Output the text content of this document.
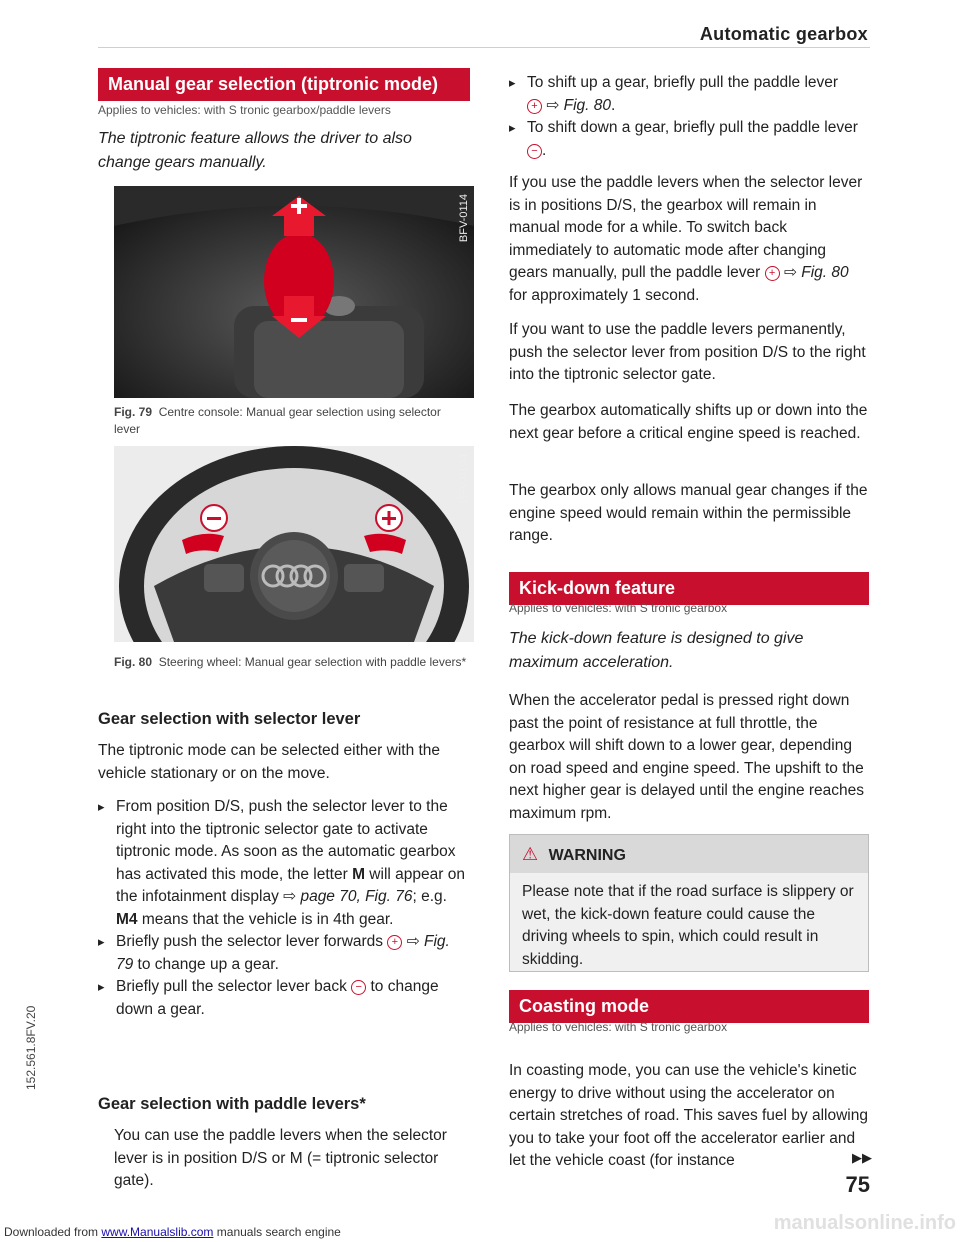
Automatic gearbox
Manual gear selection (tiptronic mode)
Applies to vehicles: with S tronic gearbox/paddle levers
The tiptronic feature allows the driver to also change gears manually.
BFV-0114
Fig. 79 Centre console: Manual gear selection using selector lever
BFV-0104
Fig. 80 Steering wheel: Manual gear selection with paddle levers*
Gear selection with selector lever
The tiptronic mode can be selected either with the vehicle stationary or on the move.
▸ From position D/S, push the selector lever to the right into the tiptronic selector gate to activate tiptronic mode. As soon as the automatic gearbox has activated this mode, the letter M will appear on the infotainment display ⇨ page 70, Fig. 76; e.g. M4 means that the vehicle is in 4th gear.
▸ Briefly push the selector lever forwards + ⇨ Fig. 79 to change up a gear.
▸ Briefly pull the selector lever back − to change down a gear.
Gear selection with paddle levers*
You can use the paddle levers when the selector lever is in position D/S or M (= tiptronic selector gate).
▸ To shift up a gear, briefly pull the paddle lever
+ ⇨ Fig. 80.
▸ To shift down a gear, briefly pull the paddle lever − .
If you use the paddle levers when the selector lever is in positions D/S, the gearbox will remain in manual mode for a while. To switch back immediately to automatic mode after changing gears manually, pull the paddle lever + ⇨ Fig. 80 for approximately 1 second.
If you want to use the paddle levers permanently, push the selector lever from position D/S to the right into the tiptronic selector gate.
The gearbox automatically shifts up or down into the next gear before a critical engine speed is reached.
The gearbox only allows manual gear changes if the engine speed would remain within the permissible range.
Kick-down feature
Applies to vehicles: with S tronic gearbox
The kick-down feature is designed to give maximum acceleration.
When the accelerator pedal is pressed right down past the point of resistance at full throttle, the gearbox will shift down to a lower gear, depending on road speed and engine speed. The upshift to the next higher gear is delayed until the engine reaches maximum rpm.
⚠ WARNING
Please note that if the road surface is slippery or wet, the kick-down feature could cause the driving wheels to spin, which could result in skidding.
Coasting mode
Applies to vehicles: with S tronic gearbox
In coasting mode, you can use the vehicle's kinetic energy to drive without using the accelerator on certain stretches of road. This saves fuel by allowing you to take your foot off the accelerator earlier and let the vehicle coast (for instance	▶▶
75
152.561.8FV.20
Downloaded from www.Manualslib.com manuals search engine	manualsonline.info
